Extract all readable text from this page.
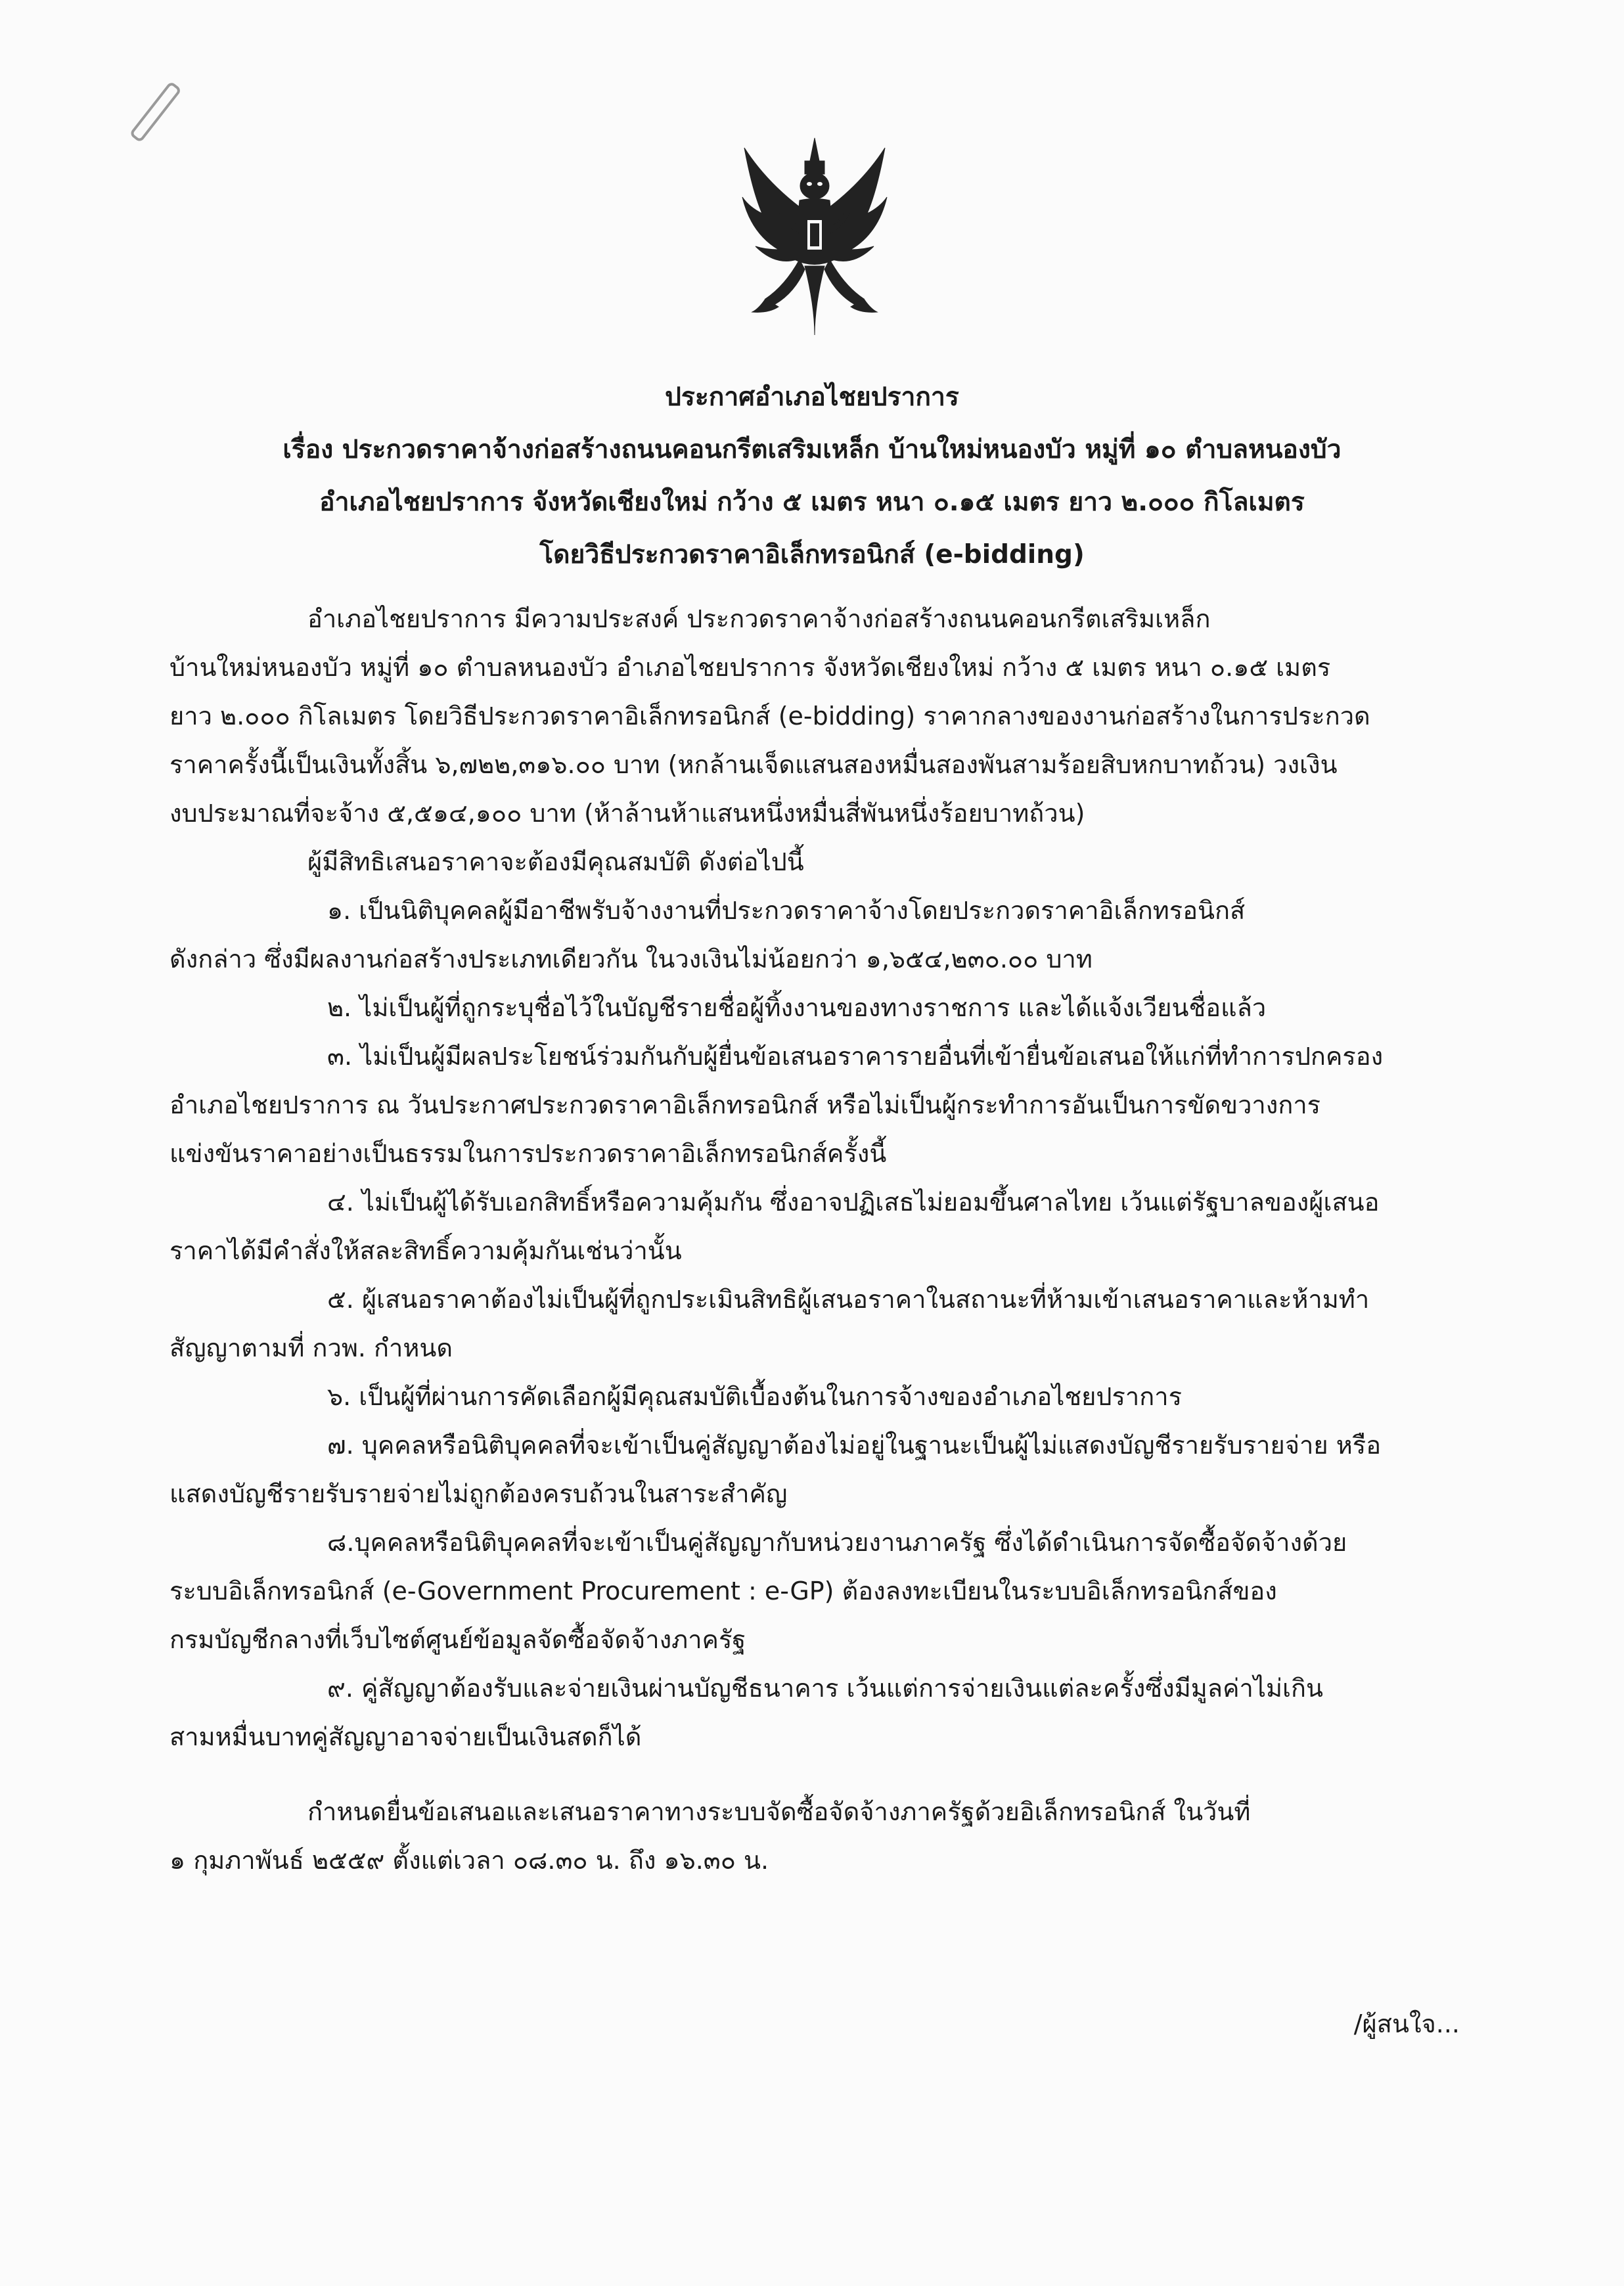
ประกาศอำเภอไชยปราการ
เรื่อง ประกวดราคาจ้างก่อสร้างถนนคอนกรีตเสริมเหล็ก บ้านใหม่หนองบัว หมู่ที่ ๑๐ ตำบลหนองบัว
อำเภอไชยปราการ จังหวัดเชียงใหม่ กว้าง ๕ เมตร หนา ๐.๑๕ เมตร ยาว ๒.๐๐๐ กิโลเมตร
โดยวิธีประกวดราคาอิเล็กทรอนิกส์ (e-bidding)
อำเภอไชยปราการ มีความประสงค์ ประกวดราคาจ้างก่อสร้างถนนคอนกรีตเสริมเหล็ก
บ้านใหม่หนองบัว หมู่ที่ ๑๐ ตำบลหนองบัว อำเภอไชยปราการ จังหวัดเชียงใหม่ กว้าง ๕ เมตร หนา ๐.๑๕ เมตร
ยาว ๒.๐๐๐ กิโลเมตร โดยวิธีประกวดราคาอิเล็กทรอนิกส์ (e-bidding) ราคากลางของงานก่อสร้างในการประกวด
ราคาครั้งนี้เป็นเงินทั้งสิ้น ๖,๗๒๒,๓๑๖.๐๐ บาท (หกล้านเจ็ดแสนสองหมื่นสองพันสามร้อยสิบหกบาทถ้วน) วงเงิน
งบประมาณที่จะจ้าง ๕,๕๑๔,๑๐๐ บาท (ห้าล้านห้าแสนหนึ่งหมื่นสี่พันหนึ่งร้อยบาทถ้วน)
ผู้มีสิทธิเสนอราคาจะต้องมีคุณสมบัติ ดังต่อไปนี้
๑. เป็นนิติบุคคลผู้มีอาชีพรับจ้างงานที่ประกวดราคาจ้างโดยประกวดราคาอิเล็กทรอนิกส์
ดังกล่าว ซึ่งมีผลงานก่อสร้างประเภทเดียวกัน ในวงเงินไม่น้อยกว่า ๑,๖๕๔,๒๓๐.๐๐ บาท
๒. ไม่เป็นผู้ที่ถูกระบุชื่อไว้ในบัญชีรายชื่อผู้ทิ้งงานของทางราชการ และได้แจ้งเวียนชื่อแล้ว
๓. ไม่เป็นผู้มีผลประโยชน์ร่วมกันกับผู้ยื่นข้อเสนอราคารายอื่นที่เข้ายื่นข้อเสนอให้แก่ที่ทำการปกครอง
อำเภอไชยปราการ ณ วันประกาศประกวดราคาอิเล็กทรอนิกส์ หรือไม่เป็นผู้กระทำการอันเป็นการขัดขวางการ
แข่งขันราคาอย่างเป็นธรรมในการประกวดราคาอิเล็กทรอนิกส์ครั้งนี้
๔. ไม่เป็นผู้ได้รับเอกสิทธิ์หรือความคุ้มกัน ซึ่งอาจปฏิเสธไม่ยอมขึ้นศาลไทย เว้นแต่รัฐบาลของผู้เสนอ
ราคาได้มีคำสั่งให้สละสิทธิ์ความคุ้มกันเช่นว่านั้น
๕. ผู้เสนอราคาต้องไม่เป็นผู้ที่ถูกประเมินสิทธิผู้เสนอราคาในสถานะที่ห้ามเข้าเสนอราคาและห้ามทำ
สัญญาตามที่ กวพ. กำหนด
๖. เป็นผู้ที่ผ่านการคัดเลือกผู้มีคุณสมบัติเบื้องต้นในการจ้างของอำเภอไชยปราการ
๗. บุคคลหรือนิติบุคคลที่จะเข้าเป็นคู่สัญญาต้องไม่อยู่ในฐานะเป็นผู้ไม่แสดงบัญชีรายรับรายจ่าย หรือ
แสดงบัญชีรายรับรายจ่ายไม่ถูกต้องครบถ้วนในสาระสำคัญ
๘.บุคคลหรือนิติบุคคลที่จะเข้าเป็นคู่สัญญากับหน่วยงานภาครัฐ ซึ่งได้ดำเนินการจัดซื้อจัดจ้างด้วย
ระบบอิเล็กทรอนิกส์ (e-Government Procurement : e-GP) ต้องลงทะเบียนในระบบอิเล็กทรอนิกส์ของ
กรมบัญชีกลางที่เว็บไซต์ศูนย์ข้อมูลจัดซื้อจัดจ้างภาครัฐ
๙. คู่สัญญาต้องรับและจ่ายเงินผ่านบัญชีธนาคาร เว้นแต่การจ่ายเงินแต่ละครั้งซึ่งมีมูลค่าไม่เกิน
สามหมื่นบาทคู่สัญญาอาจจ่ายเป็นเงินสดก็ได้
กำหนดยื่นข้อเสนอและเสนอราคาทางระบบจัดซื้อจัดจ้างภาครัฐด้วยอิเล็กทรอนิกส์ ในวันที่
๑ กุมภาพันธ์ ๒๕๕๙ ตั้งแต่เวลา ๐๘.๓๐ น. ถึง ๑๖.๓๐ น.
/ผู้สนใจ...
